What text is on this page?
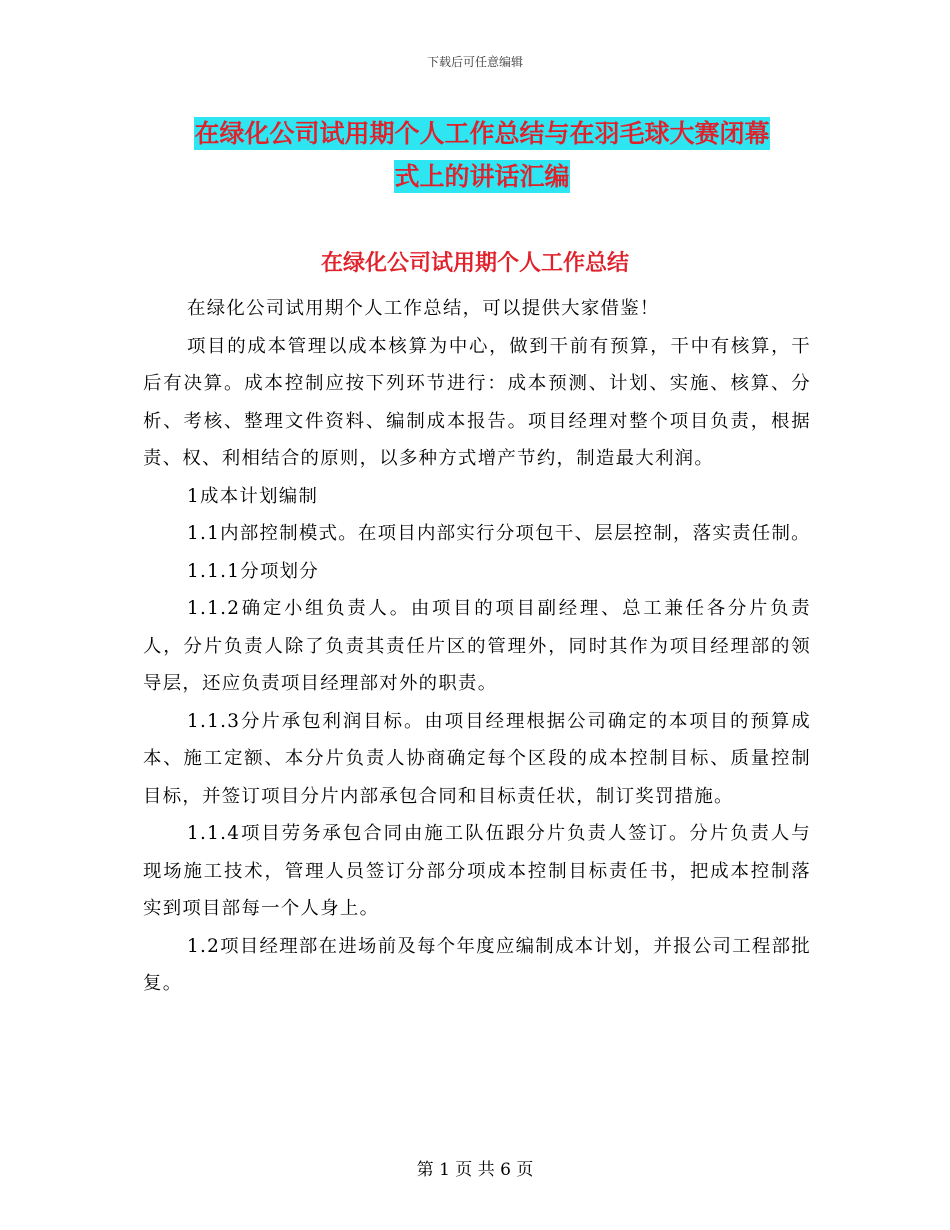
下载后可任意编辑
在绿化公司试用期个人工作总结与在羽毛球大赛闭幕
式上的讲话汇编
在绿化公司试用期个人工作总结

在绿化公司试用期个人工作总结，可以提供大家借鉴！

项目的成本管理以成本核算为中心，做到干前有预算，干中有核算，干后有决算。成本控制应按下列环节进行：成本预测、计划、实施、核算、分析、考核、整理文件资料、编制成本报告。项目经理对整个项目负责，根据责、权、利相结合的原则，以多种方式增产节约，制造最大利润。

1成本计划编制

1.1内部控制模式。在项目内部实行分项包干、层层控制，落实责任制。

1.1.1分项划分

1.1.2确定小组负责人。由项目的项目副经理、总工兼任各分片负责人，分片负责人除了负责其责任片区的管理外，同时其作为项目经理部的领导层，还应负责项目经理部对外的职责。

1.1.3分片承包利润目标。由项目经理根据公司确定的本项目的预算成本、施工定额、本分片负责人协商确定每个区段的成本控制目标、质量控制目标，并签订项目分片内部承包合同和目标责任状，制订奖罚措施。

1.1.4项目劳务承包合同由施工队伍跟分片负责人签订。分片负责人与现场施工技术，管理人员签订分部分项成本控制目标责任书，把成本控制落实到项目部每一个人身上。

1.2项目经理部在进场前及每个年度应编制成本计划，并报公司工程部批复。

第 1 页 共 6 页
